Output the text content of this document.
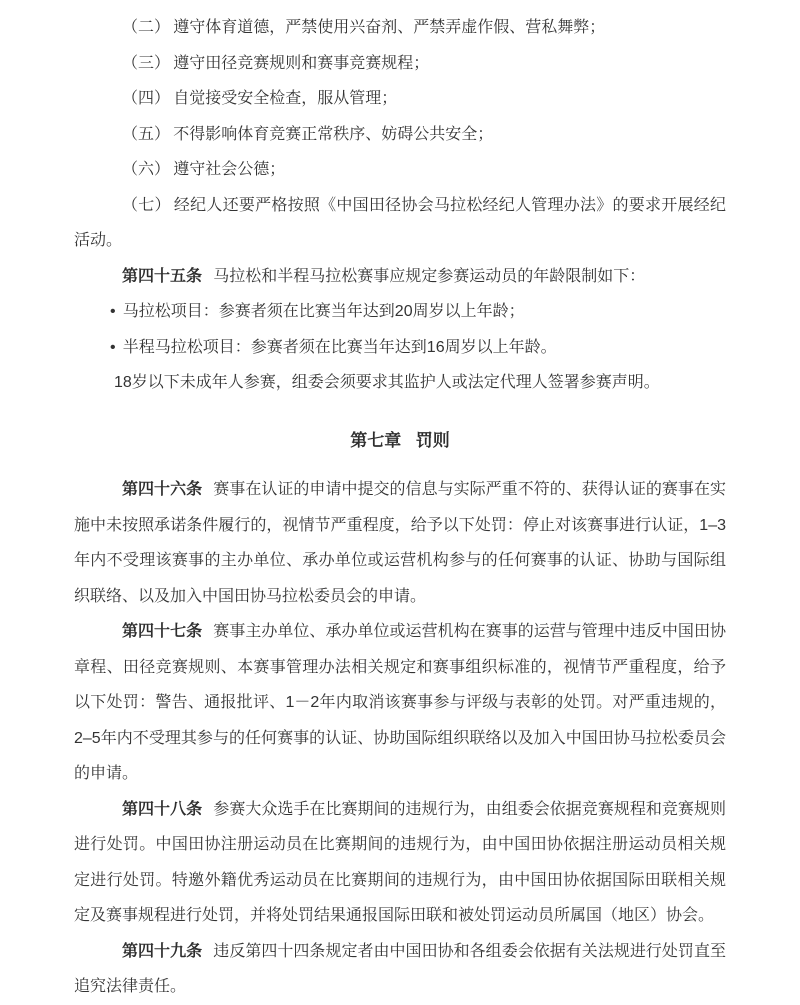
（二） 遵守体育道德，严禁使用兴奋剂、严禁弄虚作假、营私舞弊；

（三） 遵守田径竞赛规则和赛事竞赛规程；

（四） 自觉接受安全检查，服从管理；

（五） 不得影响体育竞赛正常秩序、妨碍公共安全；

（六） 遵守社会公德；

（七） 经纪人还要严格按照《中国田径协会马拉松经纪人管理办法》的要求开展经纪活动。

第四十五条 马拉松和半程马拉松赛事应规定参赛运动员的年龄限制如下：

• 马拉松项目：参赛者须在比赛当年达到20周岁以上年龄；

• 半程马拉松项目：参赛者须在比赛当年达到16周岁以上年龄。

18岁以下未成年人参赛，组委会须要求其监护人或法定代理人签署参赛声明。

第七章 罚则

第四十六条 赛事在认证的申请中提交的信息与实际严重不符的、获得认证的赛事在实施中未按照承诺条件履行的，视情节严重程度，给予以下处罚：停止对该赛事进行认证，1–3年内不受理该赛事的主办单位、承办单位或运营机构参与的任何赛事的认证、协助与国际组织联络、以及加入中国田协马拉松委员会的申请。

第四十七条 赛事主办单位、承办单位或运营机构在赛事的运营与管理中违反中国田协章程、田径竞赛规则、本赛事管理办法相关规定和赛事组织标准的，视情节严重程度，给予以下处罚：警告、通报批评、1－2年内取消该赛事参与评级与表彰的处罚。对严重违规的，2–5年内不受理其参与的任何赛事的认证、协助国际组织联络以及加入中国田协马拉松委员会的申请。

第四十八条 参赛大众选手在比赛期间的违规行为，由组委会依据竞赛规程和竞赛规则进行处罚。中国田协注册运动员在比赛期间的违规行为，由中国田协依据注册运动员相关规定进行处罚。特邀外籍优秀运动员在比赛期间的违规行为，由中国田协依据国际田联相关规定及赛事规程进行处罚，并将处罚结果通报国际田联和被处罚运动员所属国（地区）协会。

第四十九条 违反第四十四条规定者由中国田协和各组委会依据有关法规进行处罚直至追究法律责任。
